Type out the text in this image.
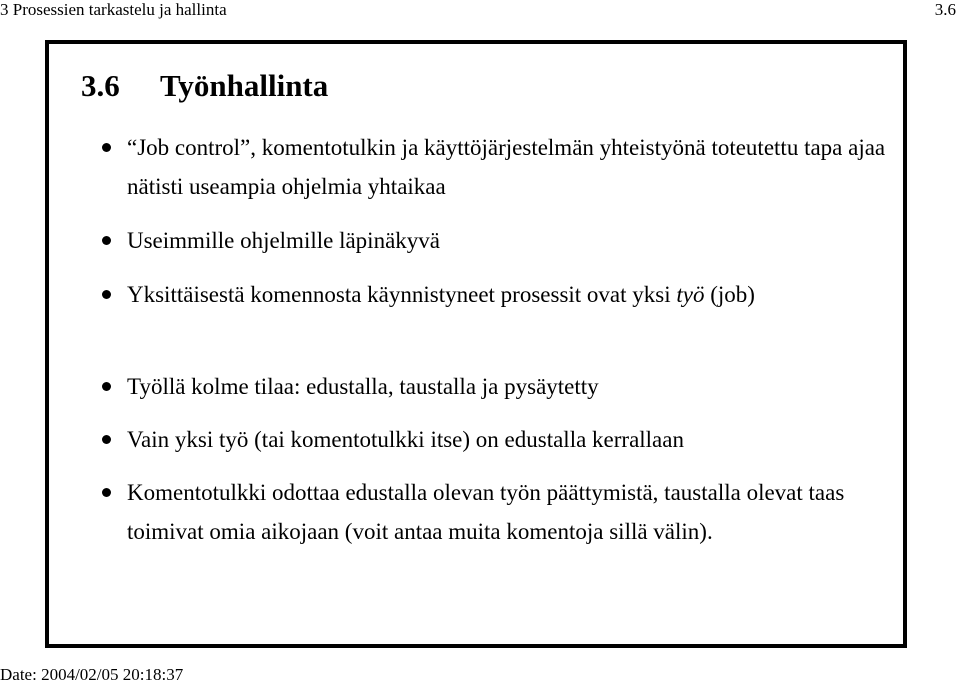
3 Prosessien tarkastelu ja hallinta	3.6
3.6 Työnhallinta
“Job control”, komentotulkin ja käyttöjärjestelmän yhteistyönä toteutettu tapa ajaa nätisti useampia ohjelmia yhtaikaa
Useimmille ohjelmille läpinäkyvä
Yksittäisestä komennosta käynnistyneet prosessit ovat yksi työ (job)
Työllä kolme tilaa: edustalla, taustalla ja pysäytetty
Vain yksi työ (tai komentotulkki itse) on edustalla kerrallaan
Komentotulkki odottaa edustalla olevan työn päättymistä, taustalla olevat taas toimivat omia aikojaan (voit antaa muita komentoja sillä välin).
Date: 2004/02/05 20:18:37
